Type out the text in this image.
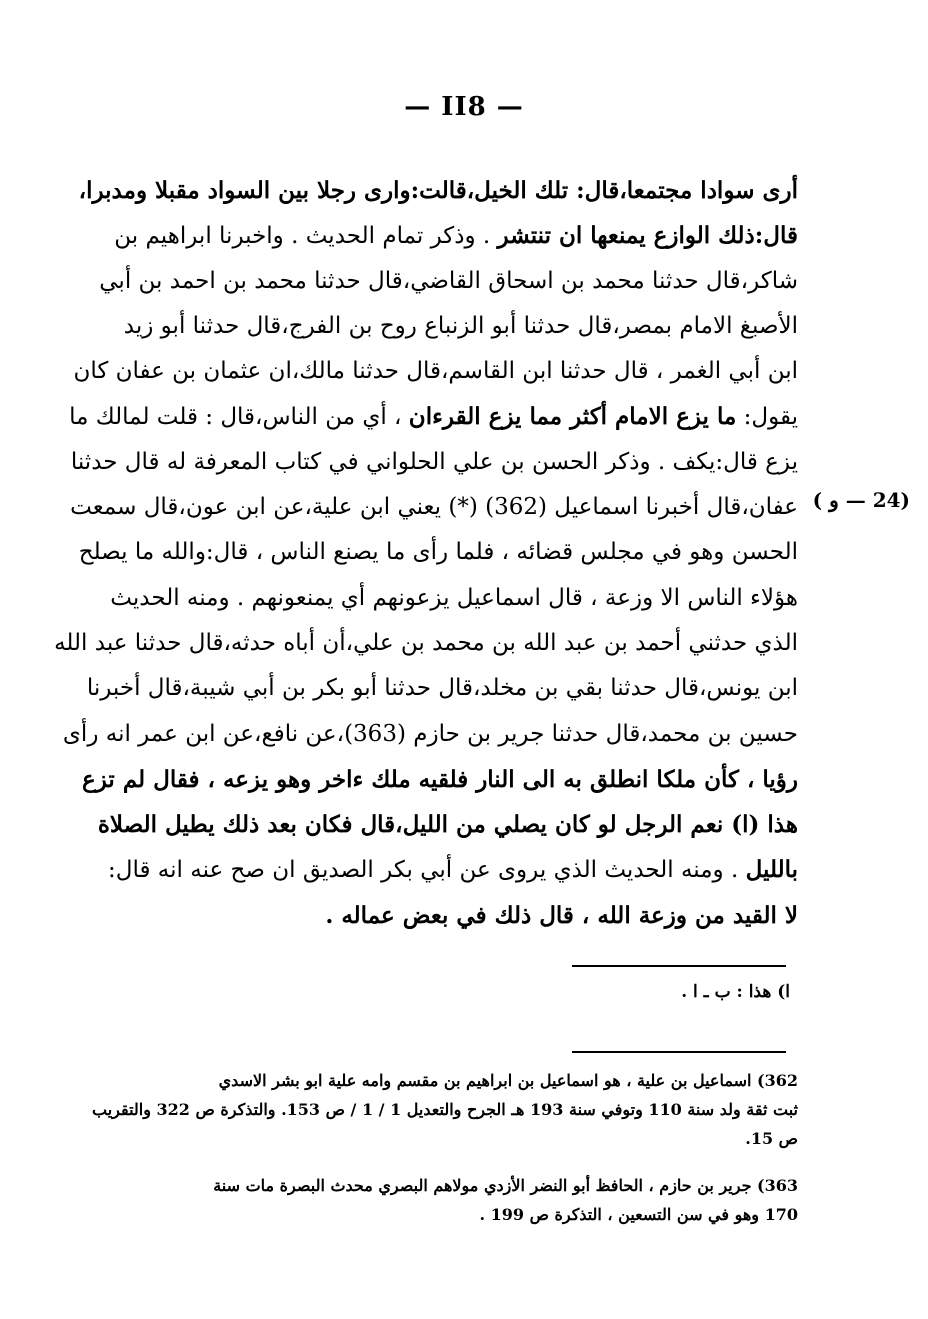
— II8 —
(24 — و )
أرى سوادا مجتمعا،قال: تلك الخيل،قالت:وارى رجلا بين السواد مقبلا ومدبرا،
قال:ذلك الوازع يمنعها ان تنتشر . وذكر تمام الحديث . واخبرنا ابراهيم بن
شاكر،قال حدثنا محمد بن اسحاق القاضي،قال حدثنا محمد بن احمد بن أبي
الأصبغ الامام بمصر،قال حدثنا أبو الزنباع روح بن الفرج،قال حدثنا أبو زيد
ابن أبي الغمر ، قال حدثنا ابن القاسم،قال حدثنا مالك،ان عثمان بن عفان كان
يقول: ما يزع الامام أكثر مما يزع القرءان ، أي من الناس،قال : قلت لمالك ما
يزع قال:يكف . وذكر الحسن بن علي الحلواني في كتاب المعرفة له قال حدثنا
عفان،قال أخبرنا اسماعيل (362) (*) يعني ابن علية،عن ابن عون،قال سمعت
الحسن وهو في مجلس قضائه ، فلما رأى ما يصنع الناس ، قال:والله ما يصلح
هؤلاء الناس الا وزعة ، قال اسماعيل يزعونهم أي يمنعونهم . ومنه الحديث
الذي حدثني أحمد بن عبد الله بن محمد بن علي،أن أباه حدثه،قال حدثنا عبد الله
ابن يونس،قال حدثنا بقي بن مخلد،قال حدثنا أبو بكر بن أبي شيبة،قال أخبرنا
حسين بن محمد،قال حدثنا جرير بن حازم (363)،عن نافع،عن ابن عمر انه رأى
رؤيا ، كأن ملكا انطلق به الى النار فلقيه ملك ءاخر وهو يزعه ، فقال لم تزع
هذا (ا) نعم الرجل لو كان يصلي من الليل،قال فكان بعد ذلك يطيل الصلاة
بالليل . ومنه الحديث الذي يروى عن أبي بكر الصديق ان صح عنه انه قال:
لا القيد من وزعة الله ، قال ذلك في بعض عماله .
ا) هذا : ب ـ ا .
362) اسماعيل بن علية ، هو اسماعيل بن ابراهيم بن مقسم وامه علية ابو بشر الاسدي
ثبت ثقة ولد سنة 110 وتوفي سنة 193 هـ الجرح والتعديل 1 / 1 / ص 153. والتذكرة ص 322 والتقريب
ص 15.
363) جرير بن حازم ، الحافظ أبو النضر الأزدي مولاهم البصري محدث البصرة مات سنة
170 وهو في سن التسعين ، التذكرة ص 199 .
